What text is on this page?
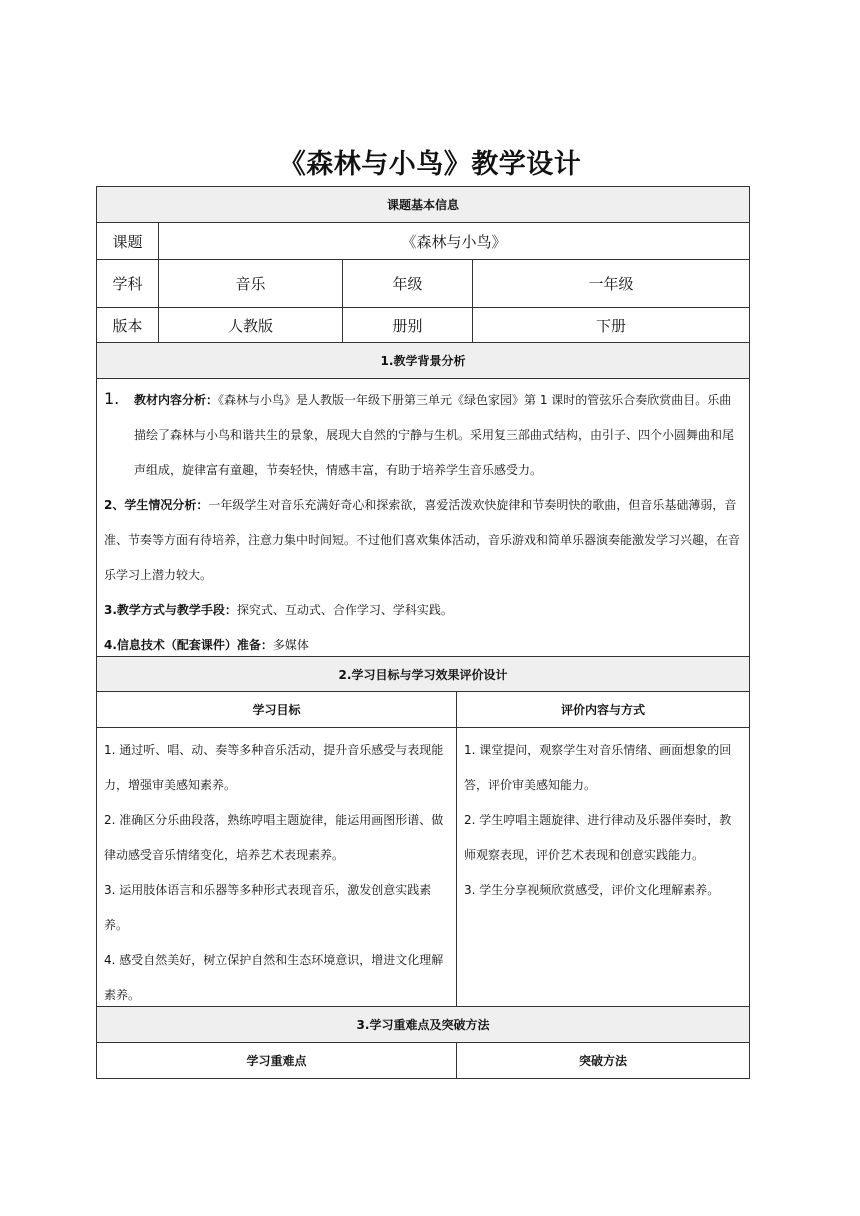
《森林与小鸟》教学设计
课题基本信息
课题	《森林与小鸟》
学科	音乐	年级	一年级
版本	人教版	册别	下册
1.教学背景分析

1. 教材内容分析：《森林与小鸟》是人教版一年级下册第三单元《绿色家园》第 1 课时的管弦乐合奏欣赏曲目。乐曲描绘了森林与小鸟和谐共生的景象，展现大自然的宁静与生机。采用复三部曲式结构，由引子、四个小圆舞曲和尾声组成，旋律富有童趣，节奏轻快，情感丰富，有助于培养学生音乐感受力。

2、学生情况分析：一年级学生对音乐充满好奇心和探索欲，喜爱活泼欢快旋律和节奏明快的歌曲，但音乐基础薄弱，音准、节奏等方面有待培养，注意力集中时间短。不过他们喜欢集体活动，音乐游戏和简单乐器演奏能激发学习兴趣，在音乐学习上潜力较大。

3.教学方式与教学手段：探究式、互动式、合作学习、学科实践。

4.信息技术（配套课件）准备：多媒体

2.学习目标与学习效果评价设计
学习目标	评价内容与方式

1. 通过听、唱、动、奏等多种音乐活动，提升音乐感受与表现能力，增强审美感知素养。

2. 准确区分乐曲段落，熟练哼唱主题旋律，能运用画图形谱、做律动感受音乐情绪变化，培养艺术表现素养。

3. 运用肢体语言和乐器等多种形式表现音乐，激发创意实践素养。

4. 感受自然美好，树立保护自然和生态环境意识，增进文化理解素养。

1. 课堂提问，观察学生对音乐情绪、画面想象的回答，评价审美感知能力。

2. 学生哼唱主题旋律、进行律动及乐器伴奏时，教师观察表现，评价艺术表现和创意实践能力。

3. 学生分享视频欣赏感受，评价文化理解素养。

3.学习重难点及突破方法
学习重难点	突破方法
